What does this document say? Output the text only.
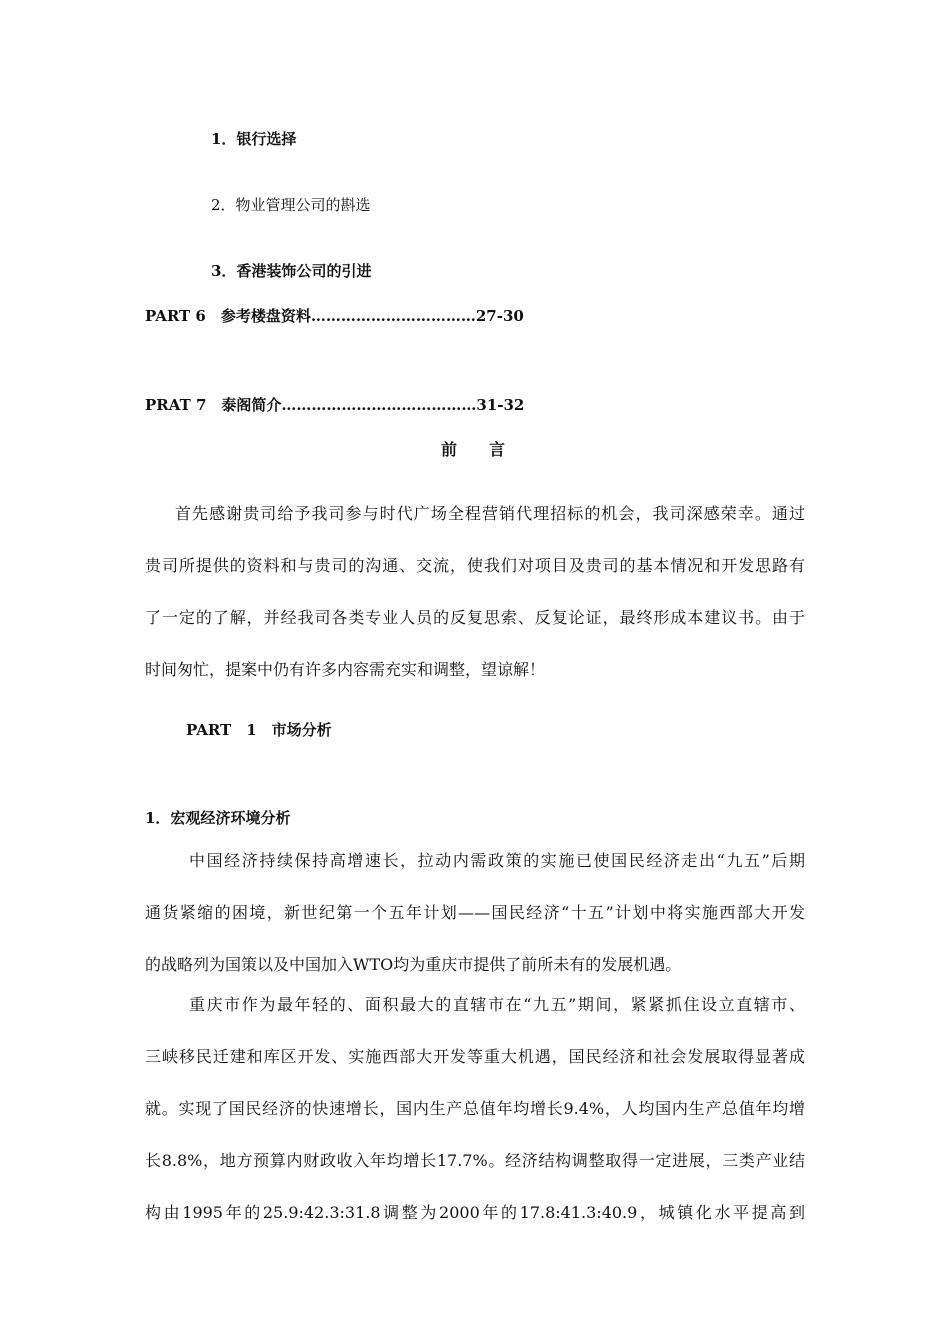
1．银行选择
2．物业管理公司的斟选
3．香港装饰公司的引进
PART 6　参考楼盘资料……………………………27-30
PRAT 7　泰阁简介…………………………………31-32
前　　言
首先感谢贵司给予我司参与时代广场全程营销代理招标的机会，我司深感荣幸。通过
贵司所提供的资料和与贵司的沟通、交流，使我们对项目及贵司的基本情况和开发思路有
了一定的了解，并经我司各类专业人员的反复思索、反复论证，最终形成本建议书。由于
时间匆忙，提案中仍有许多内容需充实和调整，望谅解！
PART　1　市场分析
1．宏观经济环境分析
中国经济持续保持高增速长，拉动内需政策的实施已使国民经济走出“九五”后期
通货紧缩的困境，新世纪第一个五年计划——国民经济“十五”计划中将实施西部大开发
的战略列为国策以及中国加入WTO均为重庆市提供了前所未有的发展机遇。
重庆市作为最年轻的、面积最大的直辖市在“九五”期间，紧紧抓住设立直辖市、
三峡移民迁建和库区开发、实施西部大开发等重大机遇，国民经济和社会发展取得显著成
就。实现了国民经济的快速增长，国内生产总值年均增长9.4%，人均国内生产总值年均增
长8.8%，地方预算内财政收入年均增长17.7%。经济结构调整取得一定进展，三类产业结
构由1995年的25.9:42.3:31.8调整为2000年的17.8:41.3:40.9，城镇化水平提高到
